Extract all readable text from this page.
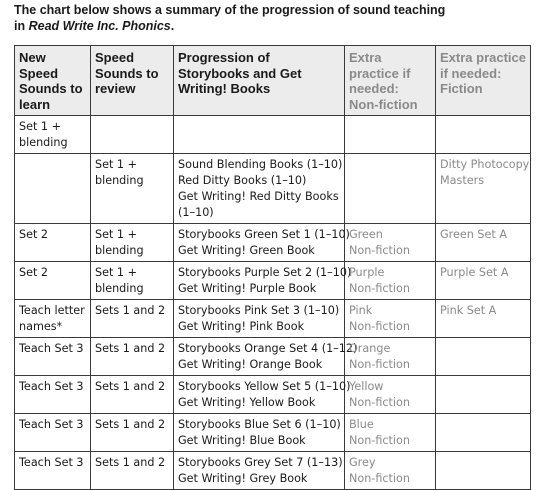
The chart below shows a summary of the progression of sound teaching
in Read Write Inc. Phonics.
New Speed Sounds to learn	Speed Sounds to review	Progression of Storybooks and Get Writing! Books	Extra practice if needed: Non-fiction	Extra practice if needed: Fiction

Set 1 +
blending				

	Set 1 +
blending	Sound Blending Books (1–10)
Red Ditty Books (1–10)
Get Writing! Red Ditty Books
(1–10)		Ditty Photocopy
Masters

Set 2	Set 1 +
blending	Storybooks Green Set 1 (1–10)
Get Writing! Green Book	Green
Non-fiction	Green Set A

Set 2	Set 1 +
blending	Storybooks Purple Set 2 (1–10)
Get Writing! Purple Book	Purple
Non-fiction	Purple Set A

Teach letter
names*	Sets 1 and 2	Storybooks Pink Set 3 (1–10)
Get Writing! Pink Book	Pink
Non-fiction	Pink Set A

Teach Set 3	Sets 1 and 2	Storybooks Orange Set 4 (1–12)
Get Writing! Orange Book	Orange
Non-fiction	

Teach Set 3	Sets 1 and 2	Storybooks Yellow Set 5 (1–10)
Get Writing! Yellow Book	Yellow
Non-fiction	

Teach Set 3	Sets 1 and 2	Storybooks Blue Set 6 (1–10)
Get Writing! Blue Book	Blue
Non-fiction	

Teach Set 3	Sets 1 and 2	Storybooks Grey Set 7 (1–13)
Get Writing! Grey Book	Grey
Non-fiction	
